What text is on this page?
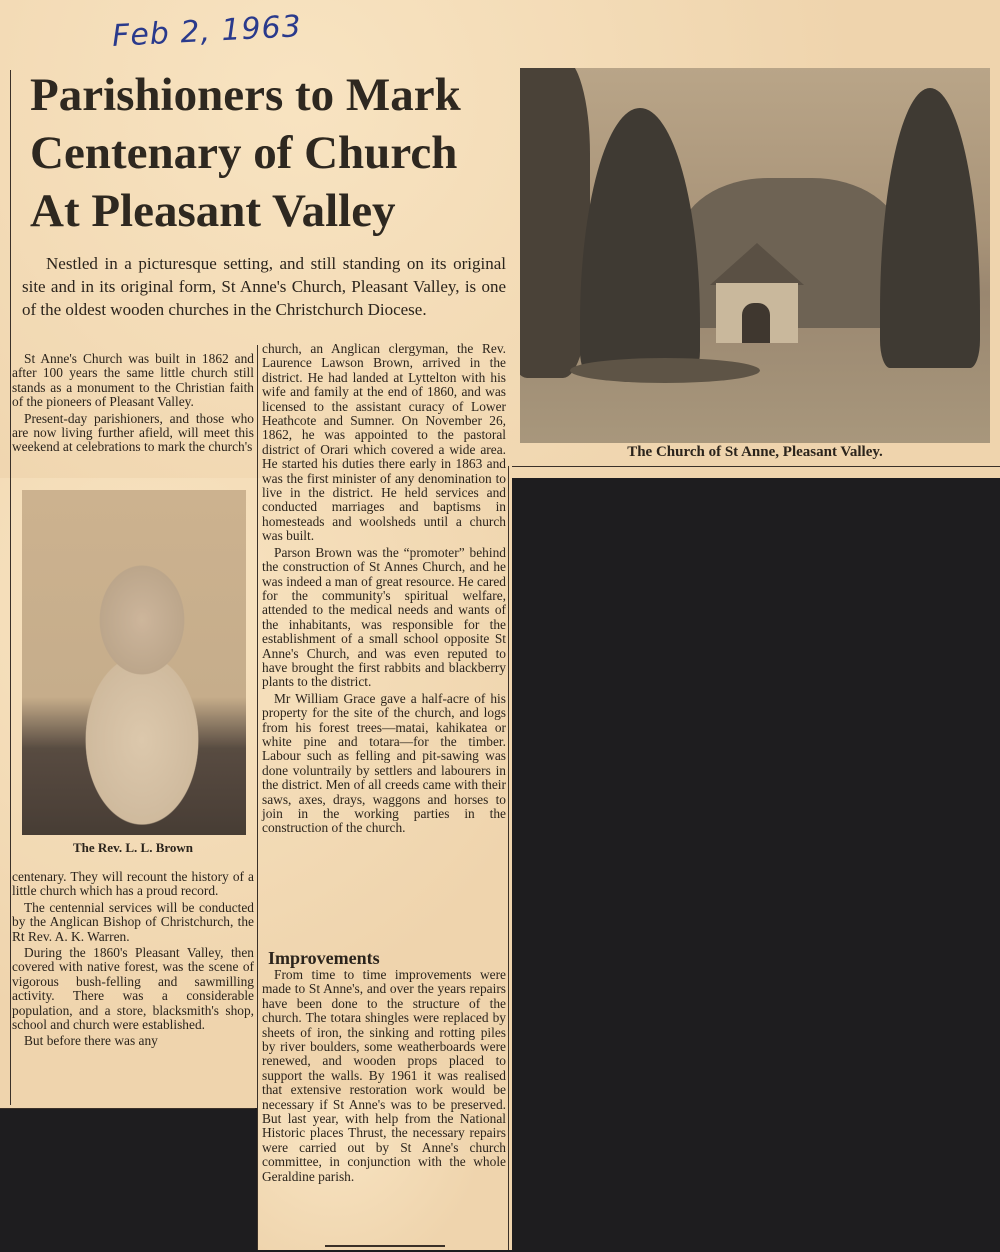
Feb 2, 1963
Parishioners to Mark Centenary of Church At Pleasant Valley

Nestled in a picturesque setting, and still standing on its original site and in its original form, St Anne's Church, Pleasant Valley, is one of the oldest wooden churches in the Christchurch Diocese.

St Anne's Church was built in 1862 and after 100 years the same little church still stands as a monument to the Christian faith of the pioneers of Pleasant Valley.

Present-day parishioners, and those who are now living further afield, will meet this weekend at celebrations to mark the church's

The Rev. L. L. Brown

centenary. They will recount the history of a little church which has a proud record.

The centennial services will be conducted by the Anglican Bishop of Christchurch, the Rt Rev. A. K. Warren.

During the 1860's Pleasant Valley, then covered with native forest, was the scene of vigorous bush-felling and sawmilling activity. There was a considerable population, and a store, blacksmith's shop, school and church were established.

But before there was any

church, an Anglican clergyman, the Rev. Laurence Lawson Brown, arrived in the district. He had landed at Lyttelton with his wife and family at the end of 1860, and was licensed to the assistant curacy of Lower Heathcote and Sumner. On November 26, 1862, he was appointed to the pastoral district of Orari which covered a wide area. He started his duties there early in 1863 and was the first minister of any denomination to live in the district. He held services and conducted marriages and baptisms in homesteads and woolsheds until a church was built.

Parson Brown was the “promoter” behind the construction of St Annes Church, and he was indeed a man of great resource. He cared for the community's spiritual welfare, attended to the medical needs and wants of the inhabitants, was responsible for the establishment of a small school opposite St Anne's Church, and was even reputed to have brought the first rabbits and blackberry plants to the district.

Mr William Grace gave a half-acre of his property for the site of the church, and logs from his forest trees—matai, kahikatea or white pine and totara—for the timber. Labour such as felling and pit-sawing was done voluntraily by settlers and labourers in the district. Men of all creeds came with their saws, axes, drays, waggons and horses to join in the working parties in the construction of the church.

Improvements

From time to time improvements were made to St Anne's, and over the years repairs have been done to the structure of the church. The totara shingles were replaced by sheets of iron, the sinking and rotting piles by river boulders, some weatherboards were renewed, and wooden props placed to support the walls. By 1961 it was realised that extensive restoration work would be necessary if St Anne's was to be preserved. But last year, with help from the National Historic places Thrust, the necessary repairs were carried out by St Anne's church committee, in conjunction with the whole Geraldine parish.

The Church of St Anne, Pleasant Valley.
